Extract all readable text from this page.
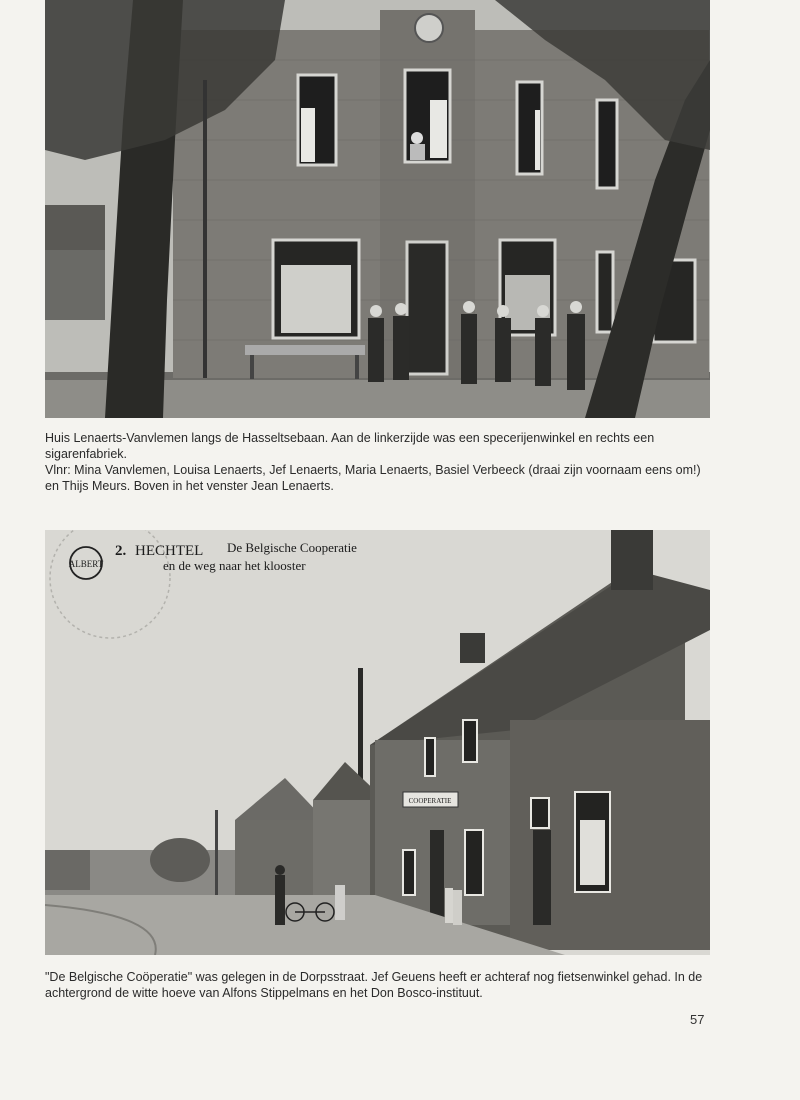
Huis Lenaerts-Vanvlemen langs de Hasseltsebaan. Aan de linkerzijde was een specerijenwinkel en rechts een sigarenfabriek.

Vlnr: Mina Vanvlemen, Louisa Lenaerts, Jef Lenaerts, Maria Lenaerts, Basiel Verbeeck (draai zijn voornaam eens om!) en Thijs Meurs. Boven in het venster Jean Lenaerts.

ALBERT
2. HECHTEL De Belgische Cooperatie
en de weg naar het klooster
COOPERATIE

"De Belgische Coöperatie" was gelegen in de Dorpsstraat. Jef Geuens heeft er achteraf nog fietsenwinkel gehad. In de achtergrond de witte hoeve van Alfons Stippelmans en het Don Bosco-instituut.

57
